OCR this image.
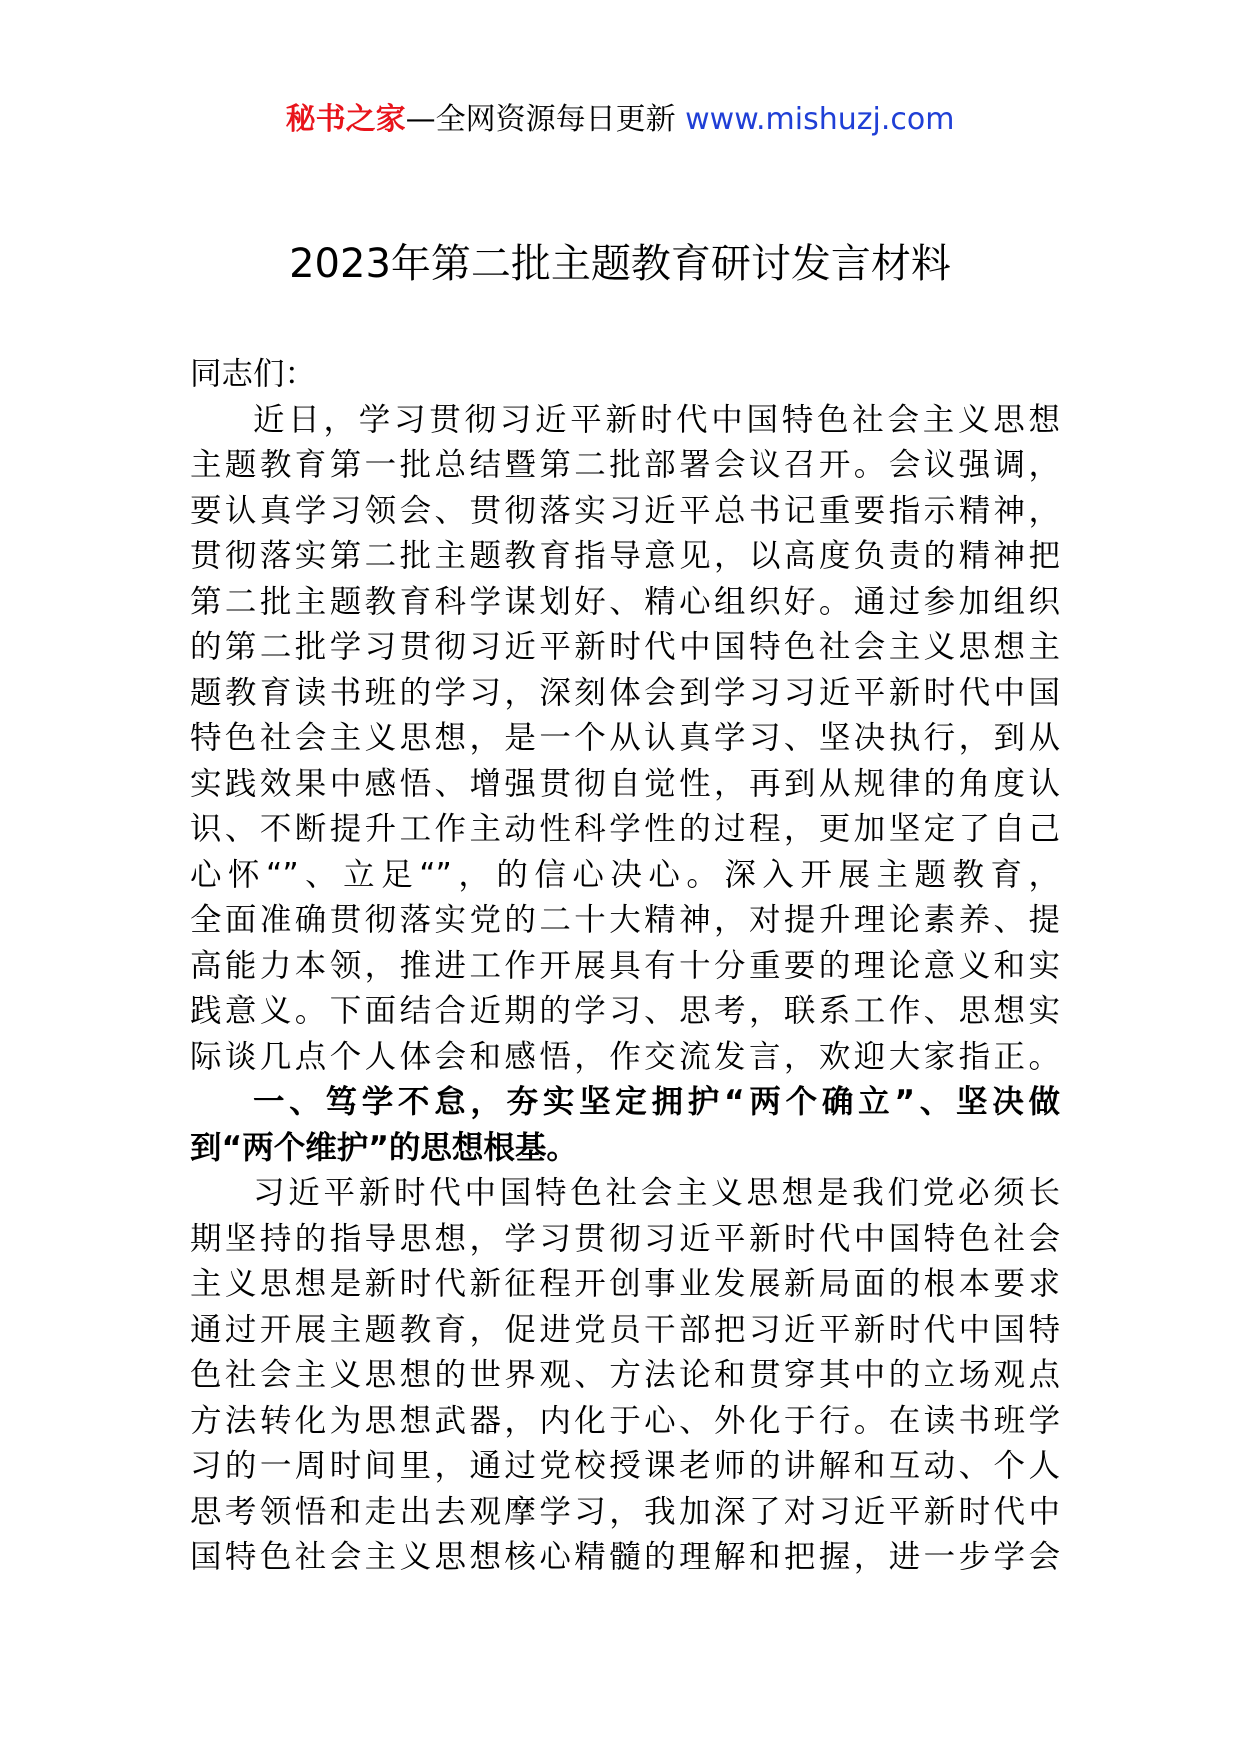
秘书之家—全网资源每日更新 www.mishuzj.com
2023年第二批主题教育研讨发言材料
同志们：
近日，学习贯彻习近平新时代中国特色社会主义思想
主题教育第一批总结暨第二批部署会议召开。会议强调，
要认真学习领会、贯彻落实习近平总书记重要指示精神，
贯彻落实第二批主题教育指导意见，以高度负责的精神把
第二批主题教育科学谋划好、精心组织好。通过参加组织
的第二批学习贯彻习近平新时代中国特色社会主义思想主
题教育读书班的学习，深刻体会到学习习近平新时代中国
特色社会主义思想，是一个从认真学习、坚决执行，到从
实践效果中感悟、增强贯彻自觉性，再到从规律的角度认
识、不断提升工作主动性科学性的过程，更加坚定了自己
心怀“”、立足“”，的信心决心。深入开展主题教育，
全面准确贯彻落实党的二十大精神，对提升理论素养、提
高能力本领，推进工作开展具有十分重要的理论意义和实
践意义。下面结合近期的学习、思考，联系工作、思想实
际谈几点个人体会和感悟，作交流发言，欢迎大家指正。
一、笃学不怠，夯实坚定拥护“两个确立”、坚决做
到“两个维护”的思想根基。
习近平新时代中国特色社会主义思想是我们党必须长
期坚持的指导思想，学习贯彻习近平新时代中国特色社会
主义思想是新时代新征程开创事业发展新局面的根本要求
通过开展主题教育，促进党员干部把习近平新时代中国特
色社会主义思想的世界观、方法论和贯穿其中的立场观点
方法转化为思想武器，内化于心、外化于行。在读书班学
习的一周时间里，通过党校授课老师的讲解和互动、个人
思考领悟和走出去观摩学习，我加深了对习近平新时代中
国特色社会主义思想核心精髓的理解和把握，进一步学会
